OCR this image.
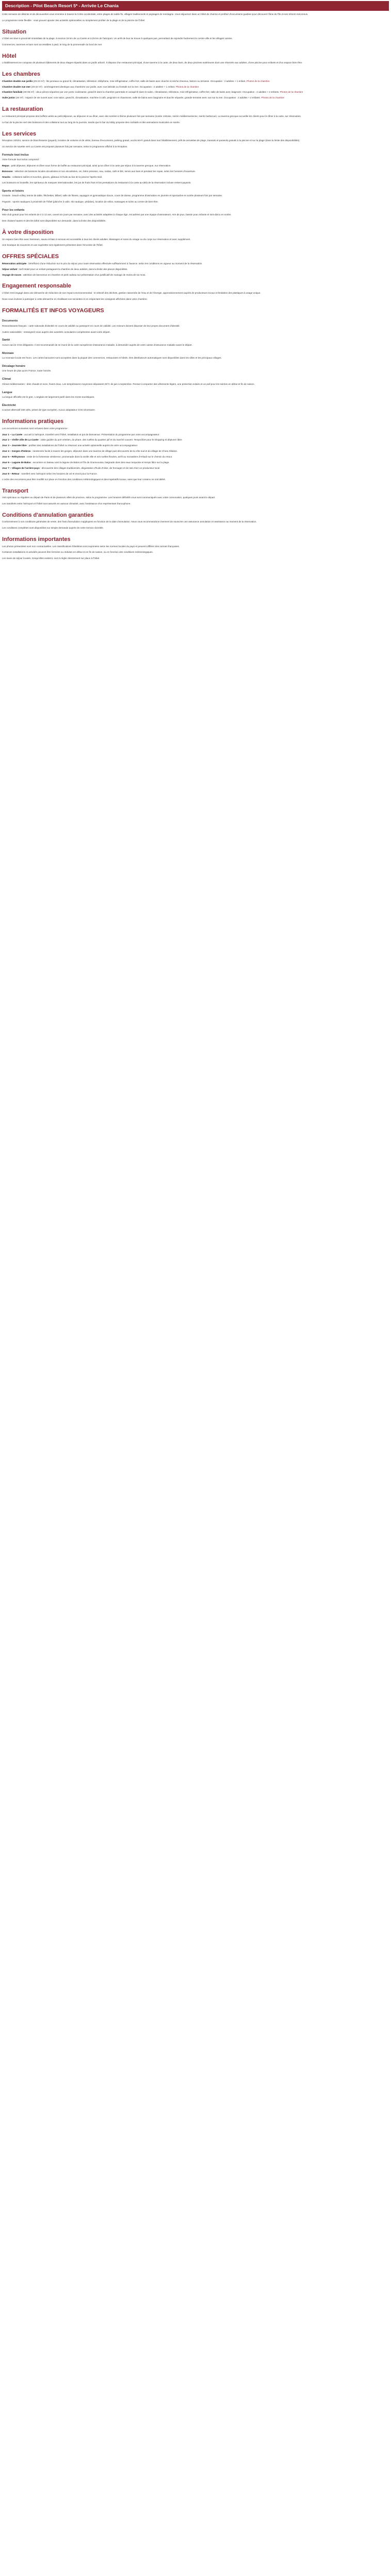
Description - Pilot Beach Resort 5* - Arrivée Le Chania

Cette semaine de détente et de découvertes vous emmène à travers la Crète occidentale, entre plages de sable fin, villages traditionnels et paysages de montagne. Vous séjournez dans un hôtel de charme et profitez d'excursions guidées pour découvrir l'âme de l'île et ses trésors méconnus.

Le programme reste flexible : vous pouvez ajouter des activités optionnelles ou simplement profiter de la plage et de la piscine de l'hôtel.

Situation

L'hôtel est situé à proximité immédiate de la plage, à environ 18 km de La Canée et à 25 km de l'aéroport. Un arrêt de bus se trouve à quelques pas, permettant de rejoindre facilement le centre-ville et les villages voisins.

Commerces, tavernes et bars sont accessibles à pied, le long de la promenade du bord de mer.

Hôtel

L'établissement se compose de plusieurs bâtiments de deux étages répartis dans un jardin arboré. Il dispose d'un restaurant principal, d'une taverne à la carte, de deux bars, de deux piscines extérieures dont une réservée aux adultes, d'une piscine pour enfants et d'un espace bien-être.

Les chambres
Chambre double vue jardin (20-22 m²) : lits jumeaux ou grand lit, climatisation, télévision, téléphone, mini-réfrigérateur, coffre-fort, salle de bains avec douche et sèche-cheveux, balcon ou terrasse. Occupation : 2 adultes + 1 enfant. Photos de la chambre
Chambre double vue mer (20-22 m²) : aménagement identique aux chambres vue jardin, avec vue latérale ou frontale sur la mer. Occupation : 2 adultes + 1 enfant. Photos de la chambre
Chambre familiale (30-35 m²) : deux pièces séparées par une porte coulissante, grand lit dans la chambre parentale et canapé-lit dans le salon, climatisation, télévision, mini-réfrigérateur, coffre-fort, salle de bains avec baignoire. Occupation : 2 adultes + 2 enfants. Photos de la chambre
Suite junior (40 m²) : espace de vie ouvert avec coin salon, grand lit, climatisation, machine à café, peignoirs et chaussons, salle de bains avec baignoire et douche séparée, grande terrasse avec vue sur la mer. Occupation : 2 adultes + 2 enfants. Photos de la chambre
La restauration

Le restaurant principal propose des buffets variés au petit déjeuner, au déjeuner et au dîner, avec des soirées à thème plusieurs fois par semaine (soirée crétoise, soirée méditerranéenne, soirée barbecue). La taverne grecque accueille les clients pour le dîner à la carte, sur réservation.

Le bar de la piscine sert des boissons et des collations tout au long de la journée, tandis que le bar du lobby propose des cocktails et des animations musicales en soirée.

Les services

Réception 24h/24, service de blanchisserie (payant), location de voitures et de vélos, bureau d'excursions, parking gratuit, accès Wi-Fi gratuit dans tout l'établissement, prêt de serviettes de plage, transats et parasols gratuits à la piscine et sur la plage (dans la limite des disponibilités).

Un service de navette vers La Canée est proposé plusieurs fois par semaine, selon le programme affiché à la réception.

Formule tout inclus

Votre formule tout inclus comprend :

Repas : petit déjeuner, déjeuner et dîner sous forme de buffet au restaurant principal, ainsi qu'un dîner à la carte par séjour à la taverne grecque, sur réservation.
Boissons : sélection de boissons locales alcoolisées et non alcoolisées, vin, bière pression, eau, sodas, café et thé, servis aux bars et pendant les repas, selon les horaires d'ouverture.
Snacks : collations salées et sucrées, glaces, gâteaux et fruits au bar de la piscine l'après-midi.

Les boissons en bouteille, les spiritueux de marques internationales, les jus de fruits frais et les prestations du restaurant à la carte au-delà de la réservation incluse restent payants.

Sports et loisirs

Gratuits : beach-volley, tennis de table, fléchettes, billard, salle de fitness, aquagym et gymnastique douce, cours de danse, programme d'animation en journée et spectacles en soirée plusieurs fois par semaine.

Payants : sports nautiques à proximité de l'hôtel (planche à voile, ski nautique, pédalos), location de vélos, massages et soins au centre de bien-être.

Pour les enfants

Mini-club gratuit pour les enfants de 4 à 12 ans, ouvert six jours par semaine, avec des activités adaptées à chaque âge, encadrées par une équipe d'animateurs. Aire de jeux, bassin pour enfants et mini-disco en soirée.

Des chaises hautes et des lits bébé sont disponibles sur demande, dans la limite des disponibilités.

À votre disposition

Un espace bien-être avec hammam, sauna et bain à remous est accessible à tous les clients adultes. Massages et soins du visage ou du corps sur réservation et avec supplément.

Une boutique de souvenirs et une supérette sont également présentes dans l'enceinte de l'hôtel.

OFFRES SPÉCIALES
Réservation anticipée : bénéficiez d'une réduction sur le prix du séjour pour toute réservation effectuée suffisamment à l'avance, selon les conditions en vigueur au moment de la réservation.
Séjour enfant : tarif réduit pour un enfant partageant la chambre de deux adultes, dans la limite des places disponibles.
Voyage de noces : attention de bienvenue en chambre et petit cadeau sur présentation d'un justificatif de mariage de moins de six mois.
Engagement responsable

L'hôtel s'est engagé dans une démarche de réduction de son impact environnemental : tri sélectif des déchets, gestion raisonnée de l'eau et de l'énergie, approvisionnement auprès de producteurs locaux et limitation des plastiques à usage unique.

Nous vous invitons à participer à cette démarche en réutilisant vos serviettes et en respectant les consignes affichées dans votre chambre.

FORMALITÉS ET INFOS VOYAGEURS
Documents

Ressortissants français : carte nationale d'identité en cours de validité ou passeport en cours de validité. Les mineurs doivent disposer de leur propre document d'identité.

Autres nationalités : renseignez-vous auprès des autorités consulaires compétentes avant votre départ.

Santé

Aucun vaccin n'est obligatoire. Il est recommandé de se munir de la carte européenne d'assurance maladie, à demander auprès de votre caisse d'assurance maladie avant le départ.

Monnaie

La monnaie locale est l'euro. Les cartes bancaires sont acceptées dans la plupart des commerces, restaurants et hôtels. Des distributeurs automatiques sont disponibles dans les villes et les principaux villages.

Décalage horaire

Une heure de plus qu'en France, toute l'année.

Climat

Climat méditerranéen : étés chauds et secs, hivers doux. Les températures moyennes dépassent 25°C de juin à septembre. Pensez à emporter des vêtements légers, une protection solaire et un pull pour les soirées en début et fin de saison.

Langue

La langue officielle est le grec. L'anglais est largement parlé dans les zones touristiques.

Électricité

Courant alternatif 230 volts, prises de type européen. Aucun adaptateur n'est nécessaire.

Informations pratiques

Les excursions suivantes sont incluses dans votre programme :

Jour 1 – La Canée : accueil à l'aéroport, transfert vers l'hôtel, installation et pot de bienvenue. Présentation du programme par votre accompagnateur.
Jour 2 – Vieille ville de La Canée : visite guidée du port vénitien, du phare, des ruelles du quartier juif et du marché couvert. Temps libre pour le shopping et déjeuner libre.
Jour 3 – Journée libre : profitez des installations de l'hôtel ou réservez une activité optionnelle auprès de votre accompagnateur.
Jour 4 – Gorges d'Imbros : randonnée facile à travers les gorges, déjeuner dans une taverne de village puis découverte de la côte sud et du village de Chora Sfakion.
Jour 5 – Réthymnon : visite de la forteresse vénitienne, promenade dans la vieille ville et ses ruelles fleuries, arrêt au monastère d'Arkadi sur le chemin du retour.
Jour 6 – Lagune de Balos : excursion en bateau vers la lagune de Balos et l'île de Gramvoussa, baignade dans des eaux turquoise et temps libre sur la plage.
Jour 7 – Villages de l'arrière-pays : découverte des villages traditionnels, dégustation d'huile d'olive, de fromages et de raki chez un producteur local.
Jour 8 – Retour : transfert vers l'aéroport selon les horaires de vol et envol pour la France.

L'ordre des excursions peut être modifié sur place en fonction des conditions météorologiques et des impératifs locaux, sans que leur contenu ne soit altéré.

Transport

Vols spéciaux ou réguliers au départ de Paris et de plusieurs villes de province, selon le programme. Les horaires définitifs vous sont communiqués avec votre convocation, quelques jours avant le départ.

Les transferts entre l'aéroport et l'hôtel sont assurés en autocar climatisé, avec l'assistance d'un représentant francophone.

Conditions d'annulation garanties

Conformément à nos conditions générales de vente, des frais d'annulation s'appliquent en fonction de la date d'annulation. Nous vous recommandons vivement de souscrire une assurance annulation et assistance au moment de la réservation.

Les conditions complètes sont disponibles sur simple demande auprès de notre service clientèle.

Informations importantes

Les photos présentées sont non contractuelles. Les classifications hôtelières sont exprimées selon les normes locales du pays et peuvent différer des normes françaises.

Certaines installations et activités peuvent être fermées ou réduites en début et en fin de saison, ou en fonction des conditions météorologiques.

Les taxes de séjour locales, lorsqu'elles existent, sont à régler directement sur place à l'hôtel.
